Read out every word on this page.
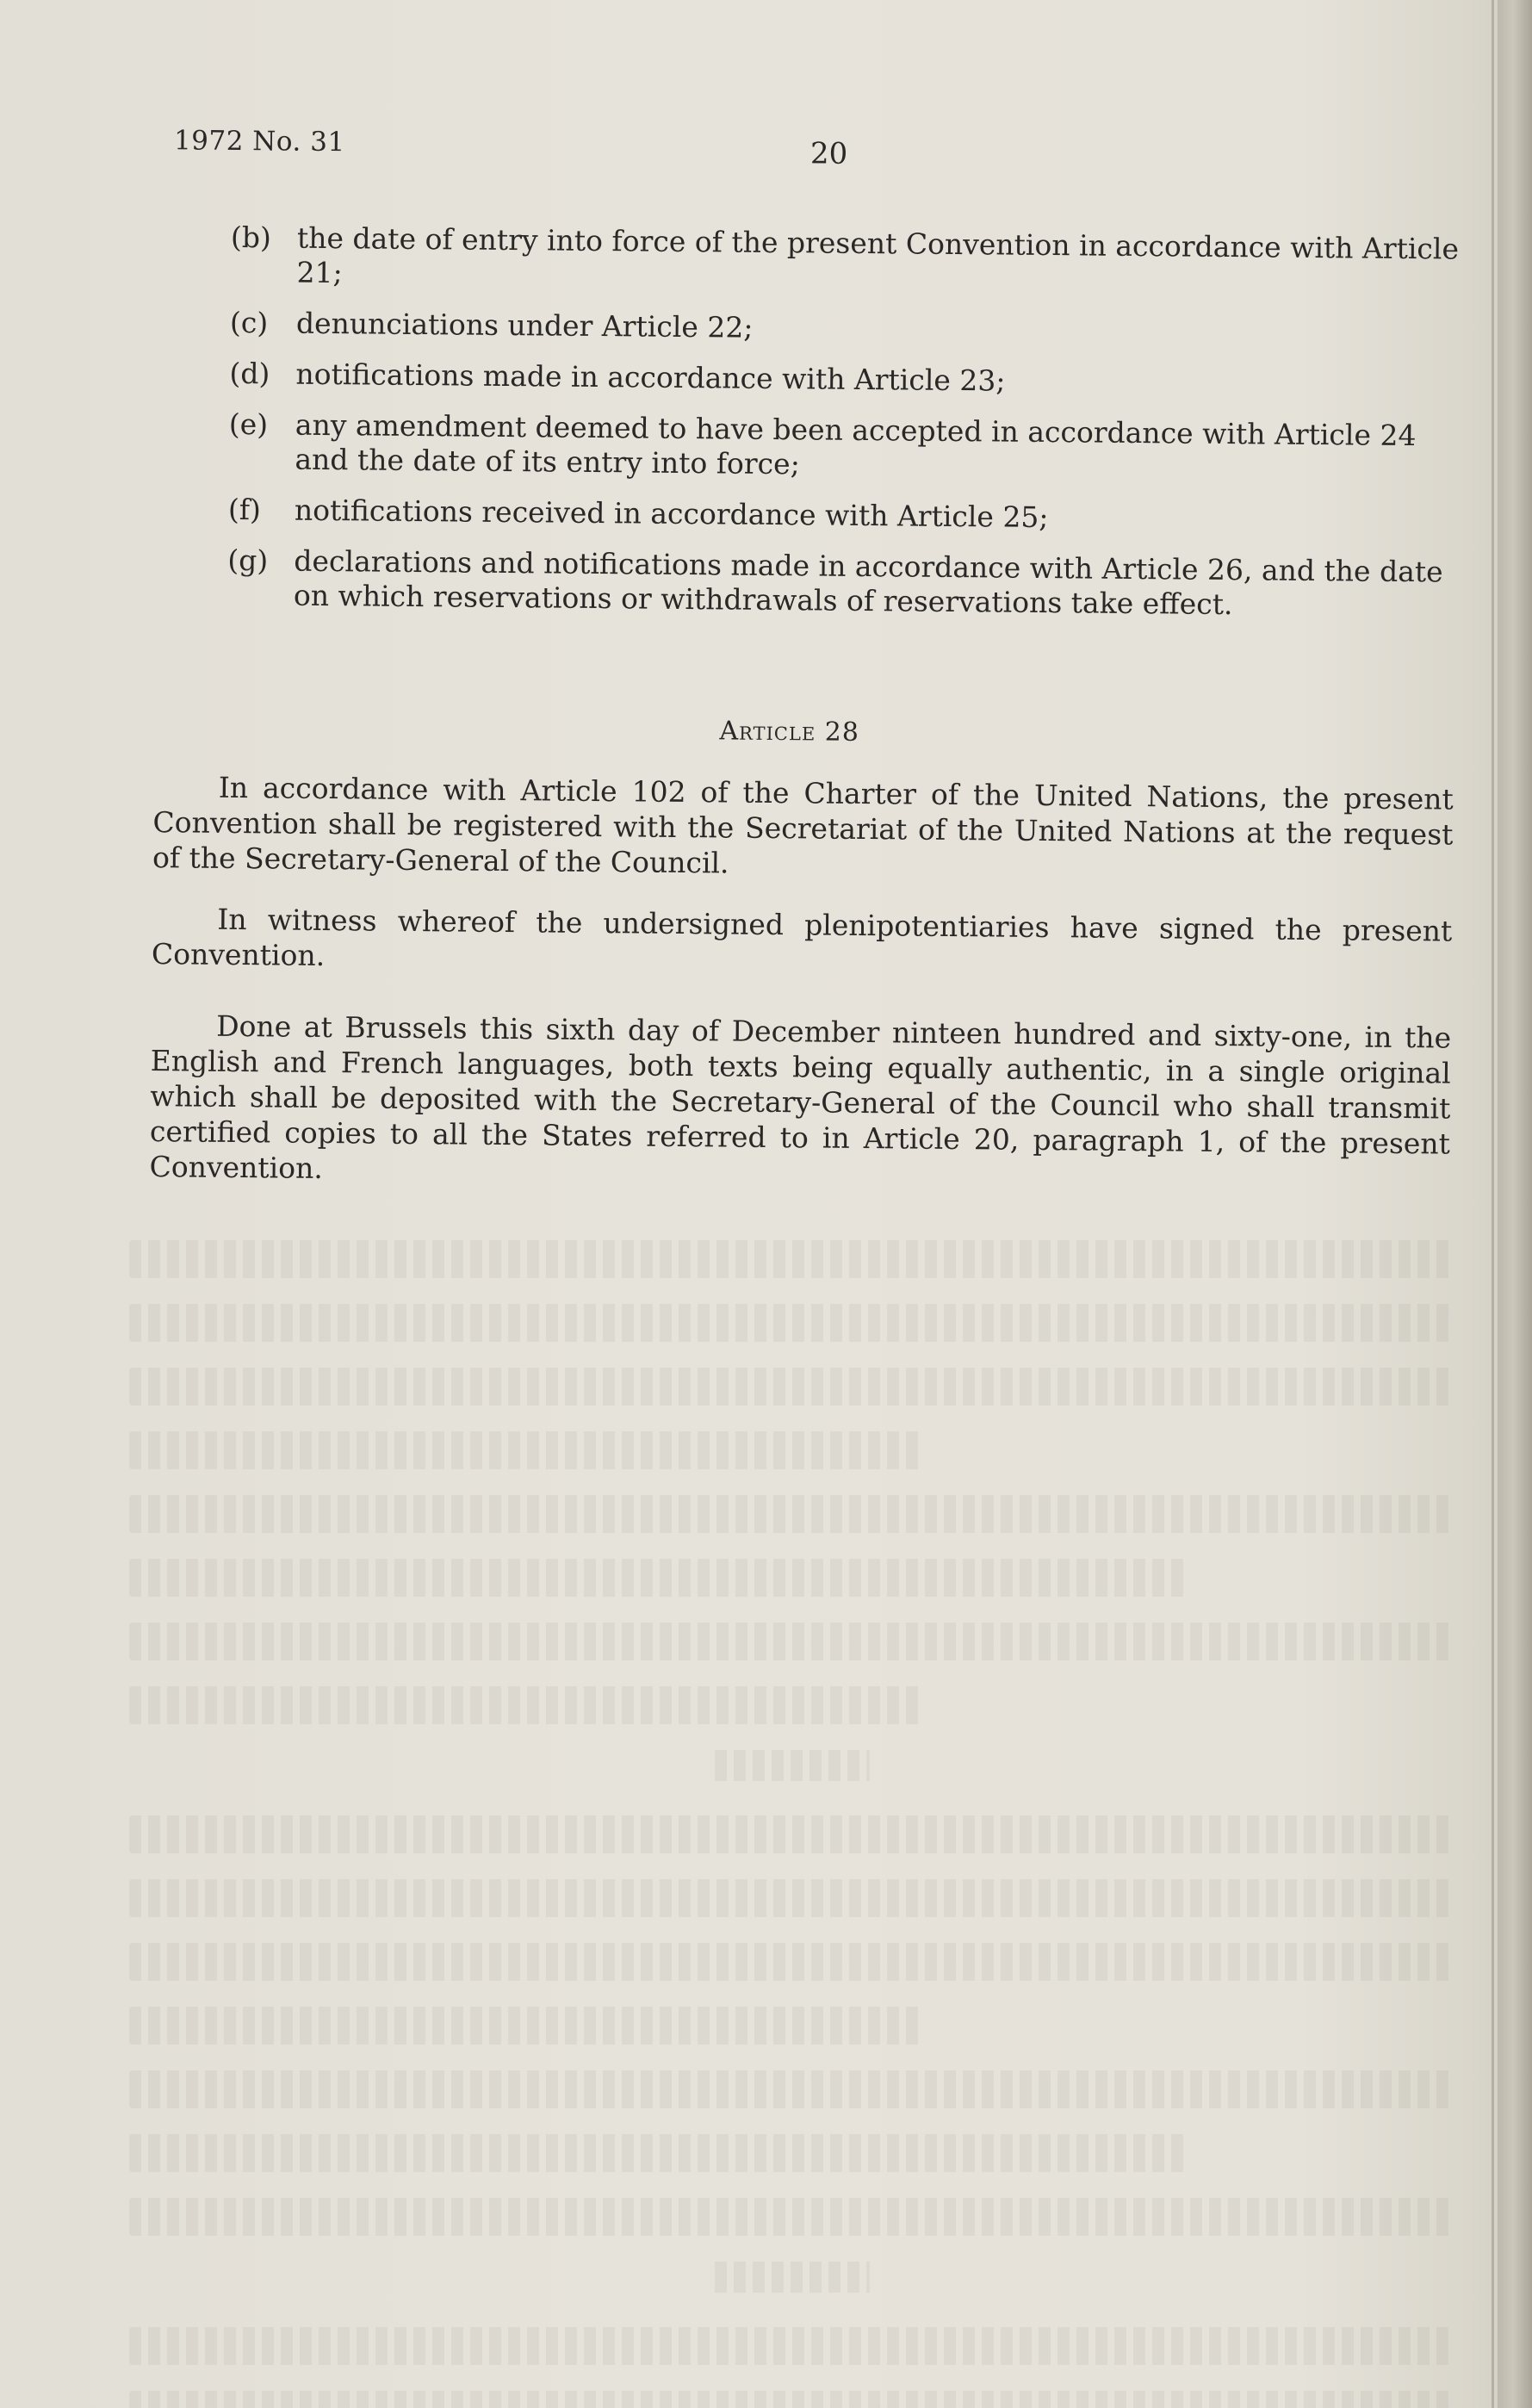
1972 No. 31	20
(b) the date of entry into force of the present Convention in accordance with Article 21;
(c) denunciations under Article 22;
(d) notifications made in accordance with Article 23;
(e) any amendment deemed to have been accepted in accordance with Article 24 and the date of its entry into force;
(f) notifications received in accordance with Article 25;
(g) declarations and notifications made in accordance with Article 26, and the date on which reservations or withdrawals of reservations take effect.
Article 28

In accordance with Article 102 of the Charter of the United Nations, the present Convention shall be registered with the Secretariat of the United Nations at the request of the Secretary-General of the Council.

In witness whereof the undersigned plenipotentiaries have signed the present Convention.

Done at Brussels this sixth day of December ninteen hundred and sixty-one, in the English and French languages, both texts being equally authentic, in a single original which shall be deposited with the Secretary-General of the Council who shall transmit certified copies to all the States referred to in Article 20, paragraph 1, of the present Convention.
